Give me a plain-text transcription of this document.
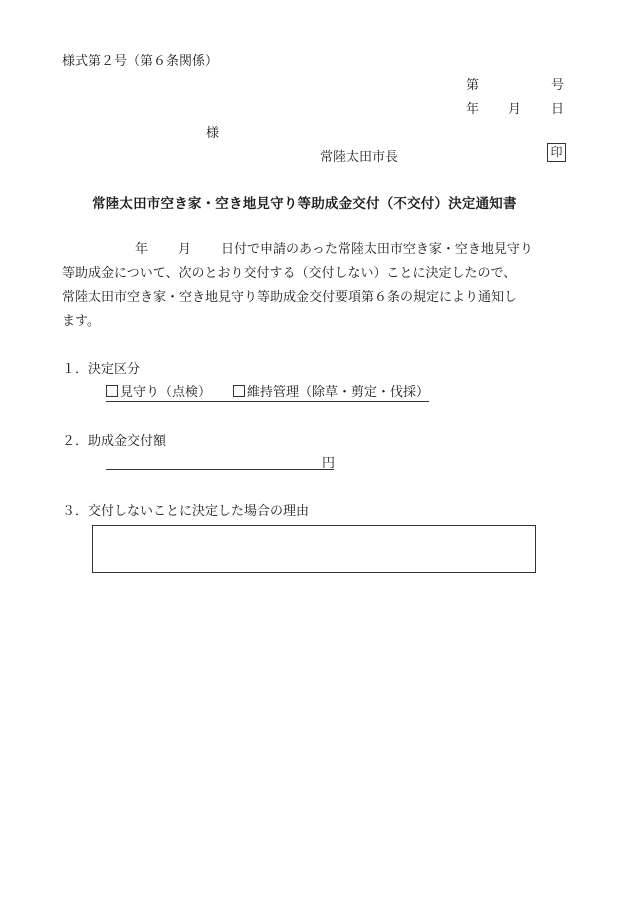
様式第２号（第６条関係）
第	号
年 月 日
様
常陸太田市長	印
常陸太田市空き家・空き地見守り等助成金交付（不交付）決定通知書
年 月 日付で申請のあった常陸太田市空き家・空き地見守り
等助成金について、次のとおり交付する（交付しない）ことに決定したので、
常陸太田市空き家・空き地見守り等助成金交付要項第６条の規定により通知し
ます。
１．決定区分
見守り（点検）	維持管理（除草・剪定・伐採）
２．助成金交付額
円
３．交付しないことに決定した場合の理由
